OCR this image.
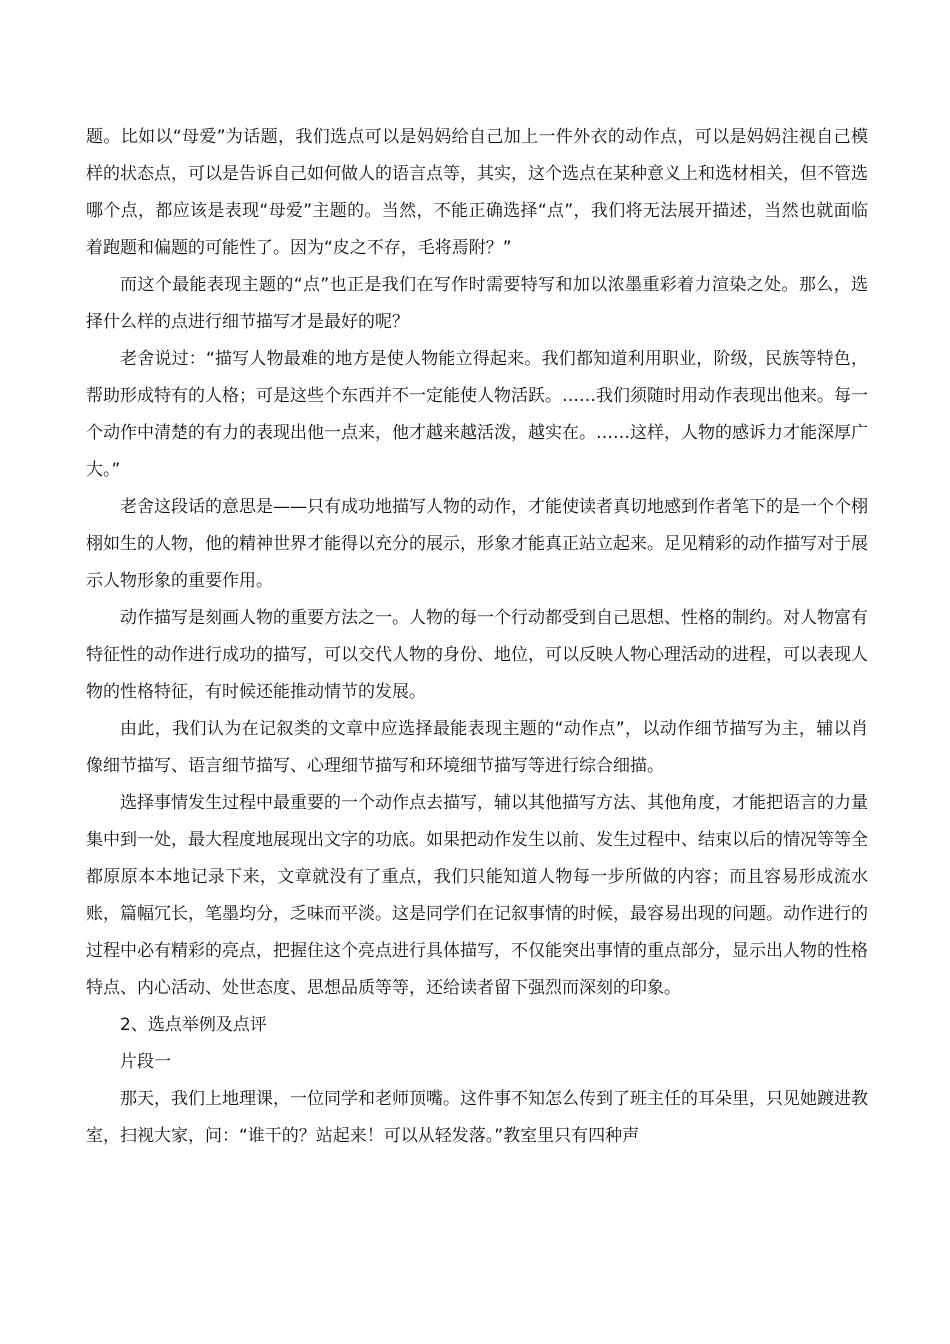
题。比如以“母爱”为话题，我们选点可以是妈妈给自己加上一件外衣的动作点，可以是妈妈注视自己模样的状态点，可以是告诉自己如何做人的语言点等，其实，这个选点在某种意义上和选材相关，但不管选哪个点，都应该是表现“母爱”主题的。当然，不能正确选择“点”，我们将无法展开描述，当然也就面临着跑题和偏题的可能性了。因为“皮之不存，毛将焉附？”

而这个最能表现主题的“点”也正是我们在写作时需要特写和加以浓墨重彩着力渲染之处。那么，选择什么样的点进行细节描写才是最好的呢？

老舍说过：“描写人物最难的地方是使人物能立得起来。我们都知道利用职业，阶级，民族等特色，帮助形成特有的人格；可是这些个东西并不一定能使人物活跃。……我们须随时用动作表现出他来。每一个动作中清楚的有力的表现出他一点来，他才越来越活泼，越实在。……这样，人物的感诉力才能深厚广大。”

老舍这段话的意思是——只有成功地描写人物的动作，才能使读者真切地感到作者笔下的是一个个栩栩如生的人物，他的精神世界才能得以充分的展示，形象才能真正站立起来。足见精彩的动作描写对于展示人物形象的重要作用。

动作描写是刻画人物的重要方法之一。人物的每一个行动都受到自己思想、性格的制约。对人物富有特征性的动作进行成功的描写，可以交代人物的身份、地位，可以反映人物心理活动的进程，可以表现人物的性格特征，有时候还能推动情节的发展。

由此，我们认为在记叙类的文章中应选择最能表现主题的“动作点”，以动作细节描写为主，辅以肖像细节描写、语言细节描写、心理细节描写和环境细节描写等进行综合细描。

选择事情发生过程中最重要的一个动作点去描写，辅以其他描写方法、其他角度，才能把语言的力量集中到一处，最大程度地展现出文字的功底。如果把动作发生以前、发生过程中、结束以后的情况等等全都原原本本地记录下来，文章就没有了重点，我们只能知道人物每一步所做的内容；而且容易形成流水账，篇幅冗长，笔墨均分，乏味而平淡。这是同学们在记叙事情的时候，最容易出现的问题。动作进行的过程中必有精彩的亮点，把握住这个亮点进行具体描写，不仅能突出事情的重点部分，显示出人物的性格特点、内心活动、处世态度、思想品质等等，还给读者留下强烈而深刻的印象。

2、选点举例及点评

片段一

那天，我们上地理课，一位同学和老师顶嘴。这件事不知怎么传到了班主任的耳朵里，只见她踱进教室，扫视大家，问：“谁干的？站起来！可以从轻发落。”教室里只有四种声
